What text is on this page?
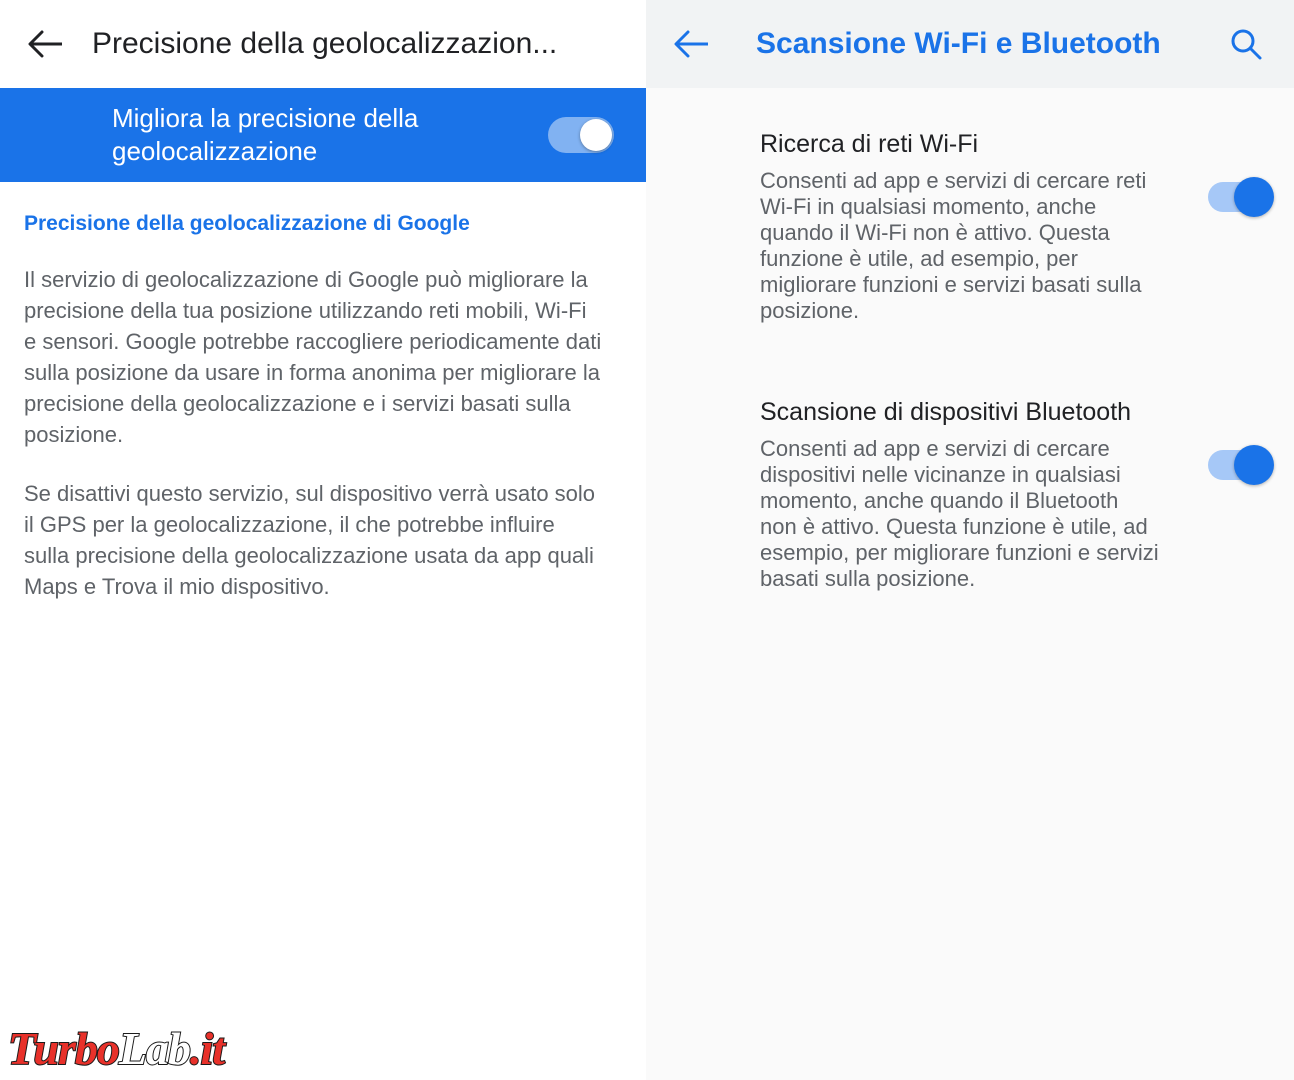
Precisione della geolocalizzazion...
Migliora la precisione della geolocalizzazione
Precisione della geolocalizzazione di Google
Il servizio di geolocalizzazione di Google può migliorare la precisione della tua posizione utilizzando reti mobili, Wi-Fi e sensori. Google potrebbe raccogliere periodicamente dati sulla posizione da usare in forma anonima per migliorare la precisione della geolocalizzazione e i servizi basati sulla posizione.
Se disattivi questo servizio, sul dispositivo verrà usato solo il GPS per la geolocalizzazione, il che potrebbe influire sulla precisione della geolocalizzazione usata da app quali Maps e Trova il mio dispositivo.
TurboLab.it
Scansione Wi-Fi e Bluetooth
Ricerca di reti Wi-Fi
Consenti ad app e servizi di cercare reti Wi-Fi in qualsiasi momento, anche quando il Wi-Fi non è attivo. Questa funzione è utile, ad esempio, per migliorare funzioni e servizi basati sulla posizione.
Scansione di dispositivi Bluetooth
Consenti ad app e servizi di cercare dispositivi nelle vicinanze in qualsiasi momento, anche quando il Bluetooth non è attivo. Questa funzione è utile, ad esempio, per migliorare funzioni e servizi basati sulla posizione.
